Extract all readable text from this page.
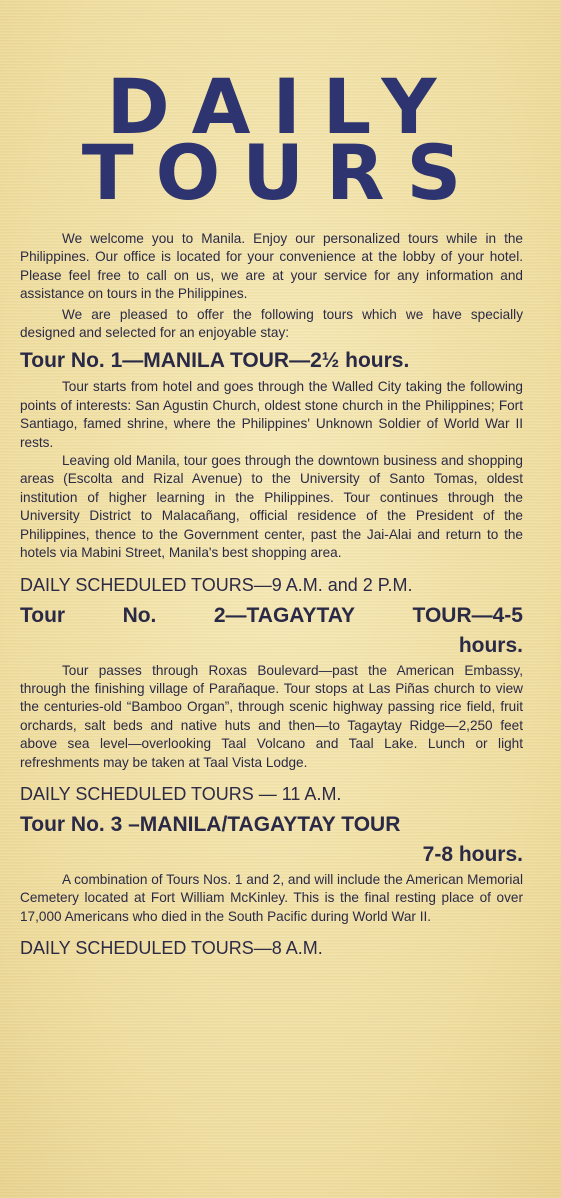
DAILY
TOURS

We welcome you to Manila. Enjoy our personalized tours while in the Philippines. Our office is located for your convenience at the lobby of your hotel. Please feel free to call on us, we are at your service for any information and assistance on tours in the Philippines.

We are pleased to offer the following tours which we have specially designed and selected for an enjoyable stay:

Tour No. 1—MANILA TOUR—2½ hours.

Tour starts from hotel and goes through the Walled City taking the following points of interests: San Agustin Church, oldest stone church in the Philippines; Fort Santiago, famed shrine, where the Philippines' Unknown Soldier of World War II rests.

Leaving old Manila, tour goes through the downtown business and shopping areas (Escolta and Rizal Avenue) to the University of Santo Tomas, oldest institution of higher learning in the Philippines. Tour continues through the University District to Malacañang, official residence of the President of the Philippines, thence to the Government center, past the Jai-Alai and return to the hotels via Mabini Street, Manila's best shopping area.

DAILY SCHEDULED TOURS—9 A.M. and 2 P.M.
Tour	No.	2—TAGAYTAY	TOUR—4-5
hours.

Tour passes through Roxas Boulevard—past the American Embassy, through the finishing village of Parañaque. Tour stops at Las Piñas church to view the centuries-old “Bamboo Organ”, through scenic highway passing rice field, fruit orchards, salt beds and native huts and then—to Tagaytay Ridge—2,250 feet above sea level—overlooking Taal Volcano and Taal Lake. Lunch or light refreshments may be taken at Taal Vista Lodge.

DAILY SCHEDULED TOURS — 11 A.M.
Tour No. 3 –MANILA/TAGAYTAY TOUR
7-8 hours.

A combination of Tours Nos. 1 and 2, and will include the American Memorial Cemetery located at Fort William McKinley. This is the final resting place of over 17,000 Americans who died in the South Pacific during World War II.

DAILY SCHEDULED TOURS—8 A.M.
